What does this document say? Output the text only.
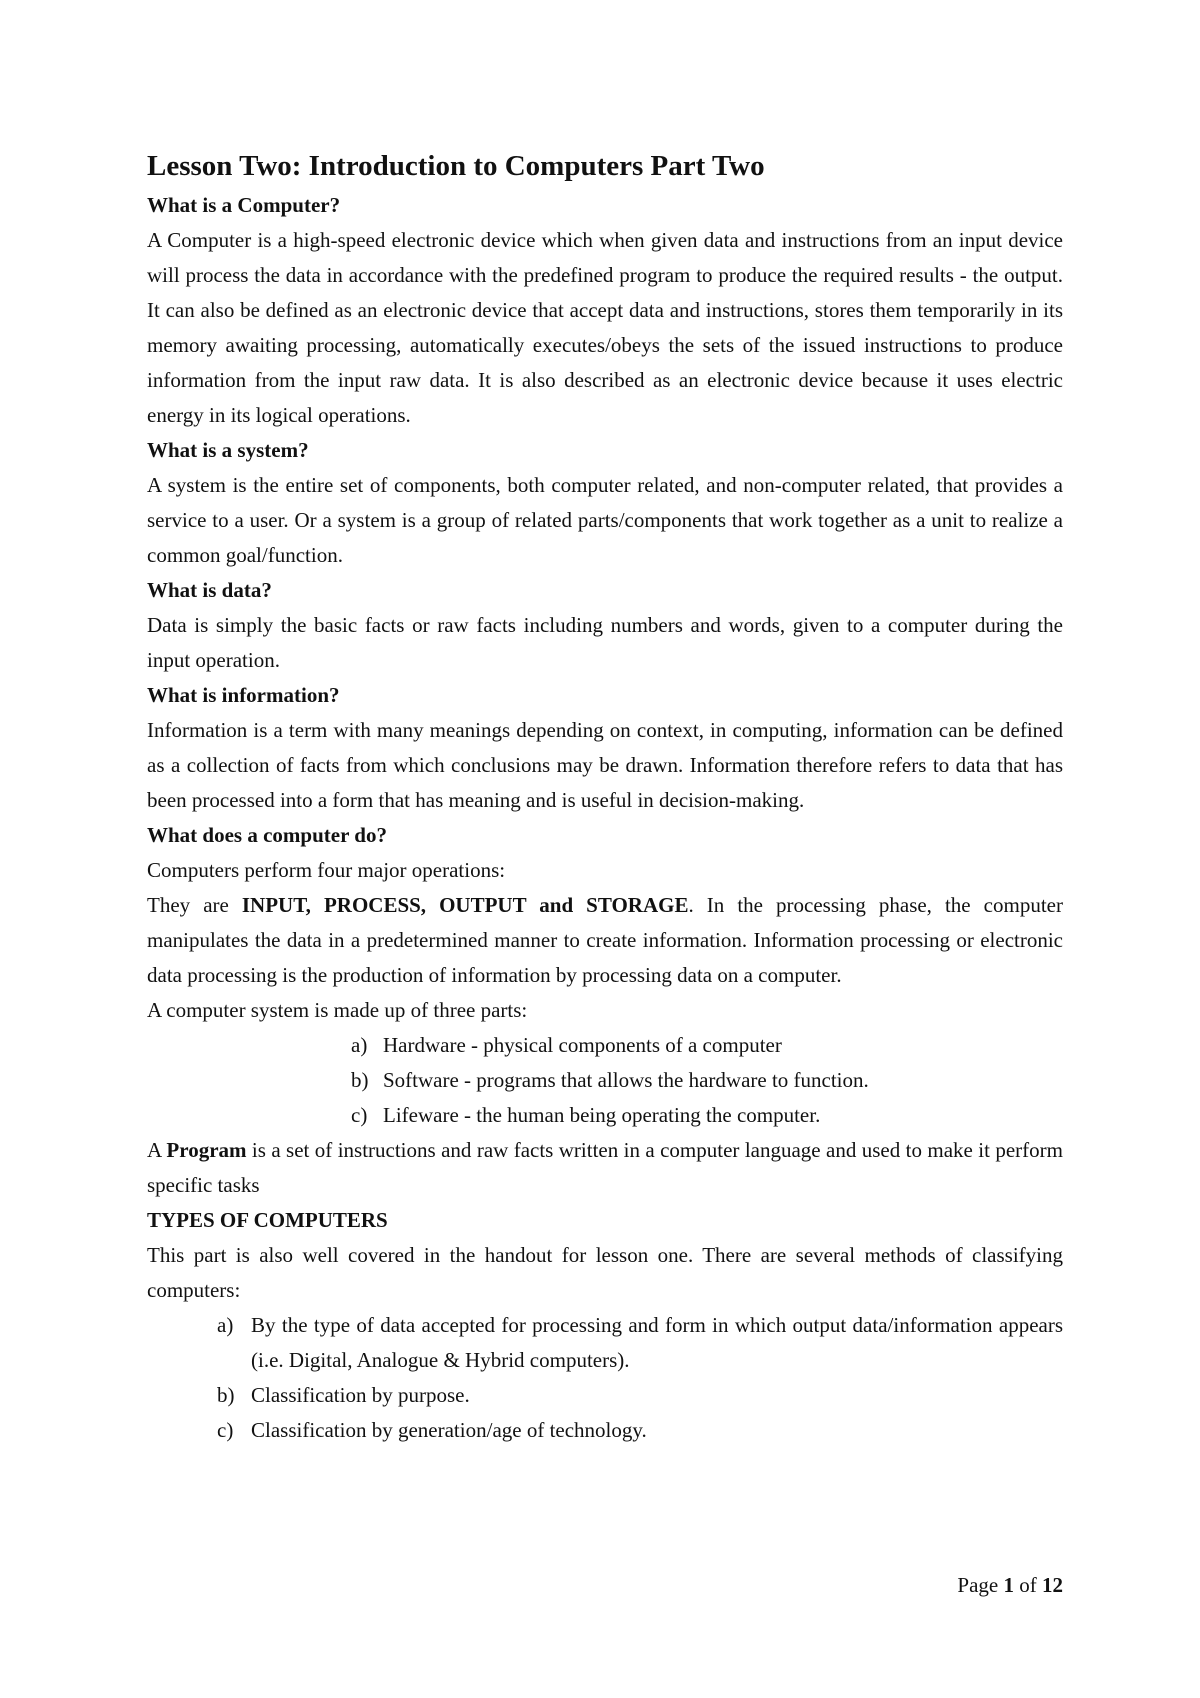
Lesson Two: Introduction to Computers Part Two
What is a Computer?

A Computer is a high-speed electronic device which when given data and instructions from an input device will process the data in accordance with the predefined program to produce the required results - the output. It can also be defined as an electronic device that accept data and instructions, stores them temporarily in its memory awaiting processing, automatically executes/obeys the sets of the issued instructions to produce information from the input raw data. It is also described as an electronic device because it uses electric energy in its logical operations.

What is a system?

A system is the entire set of components, both computer related, and non-computer related, that provides a service to a user. Or a system is a group of related parts/components that work together as a unit to realize a common goal/function.

What is data?

Data is simply the basic facts or raw facts including numbers and words, given to a computer during the input operation.

What is information?

Information is a term with many meanings depending on context, in computing, information can be defined as a collection of facts from which conclusions may be drawn. Information therefore refers to data that has been processed into a form that has meaning and is useful in decision-making.

What does a computer do?

Computers perform four major operations:

They are INPUT, PROCESS, OUTPUT and STORAGE. In the processing phase, the computer manipulates the data in a predetermined manner to create information. Information processing or electronic data processing is the production of information by processing data on a computer.

A computer system is made up of three parts:

a) Hardware - physical components of a computer
b) Software - programs that allows the hardware to function.
c) Lifeware - the human being operating the computer.

A Program is a set of instructions and raw facts written in a computer language and used to make it perform specific tasks

TYPES OF COMPUTERS

This part is also well covered in the handout for lesson one. There are several methods of classifying computers:

a) By the type of data accepted for processing and form in which output data/information appears (i.e. Digital, Analogue & Hybrid computers).
b) Classification by purpose.
c) Classification by generation/age of technology.
Page 1 of 12
